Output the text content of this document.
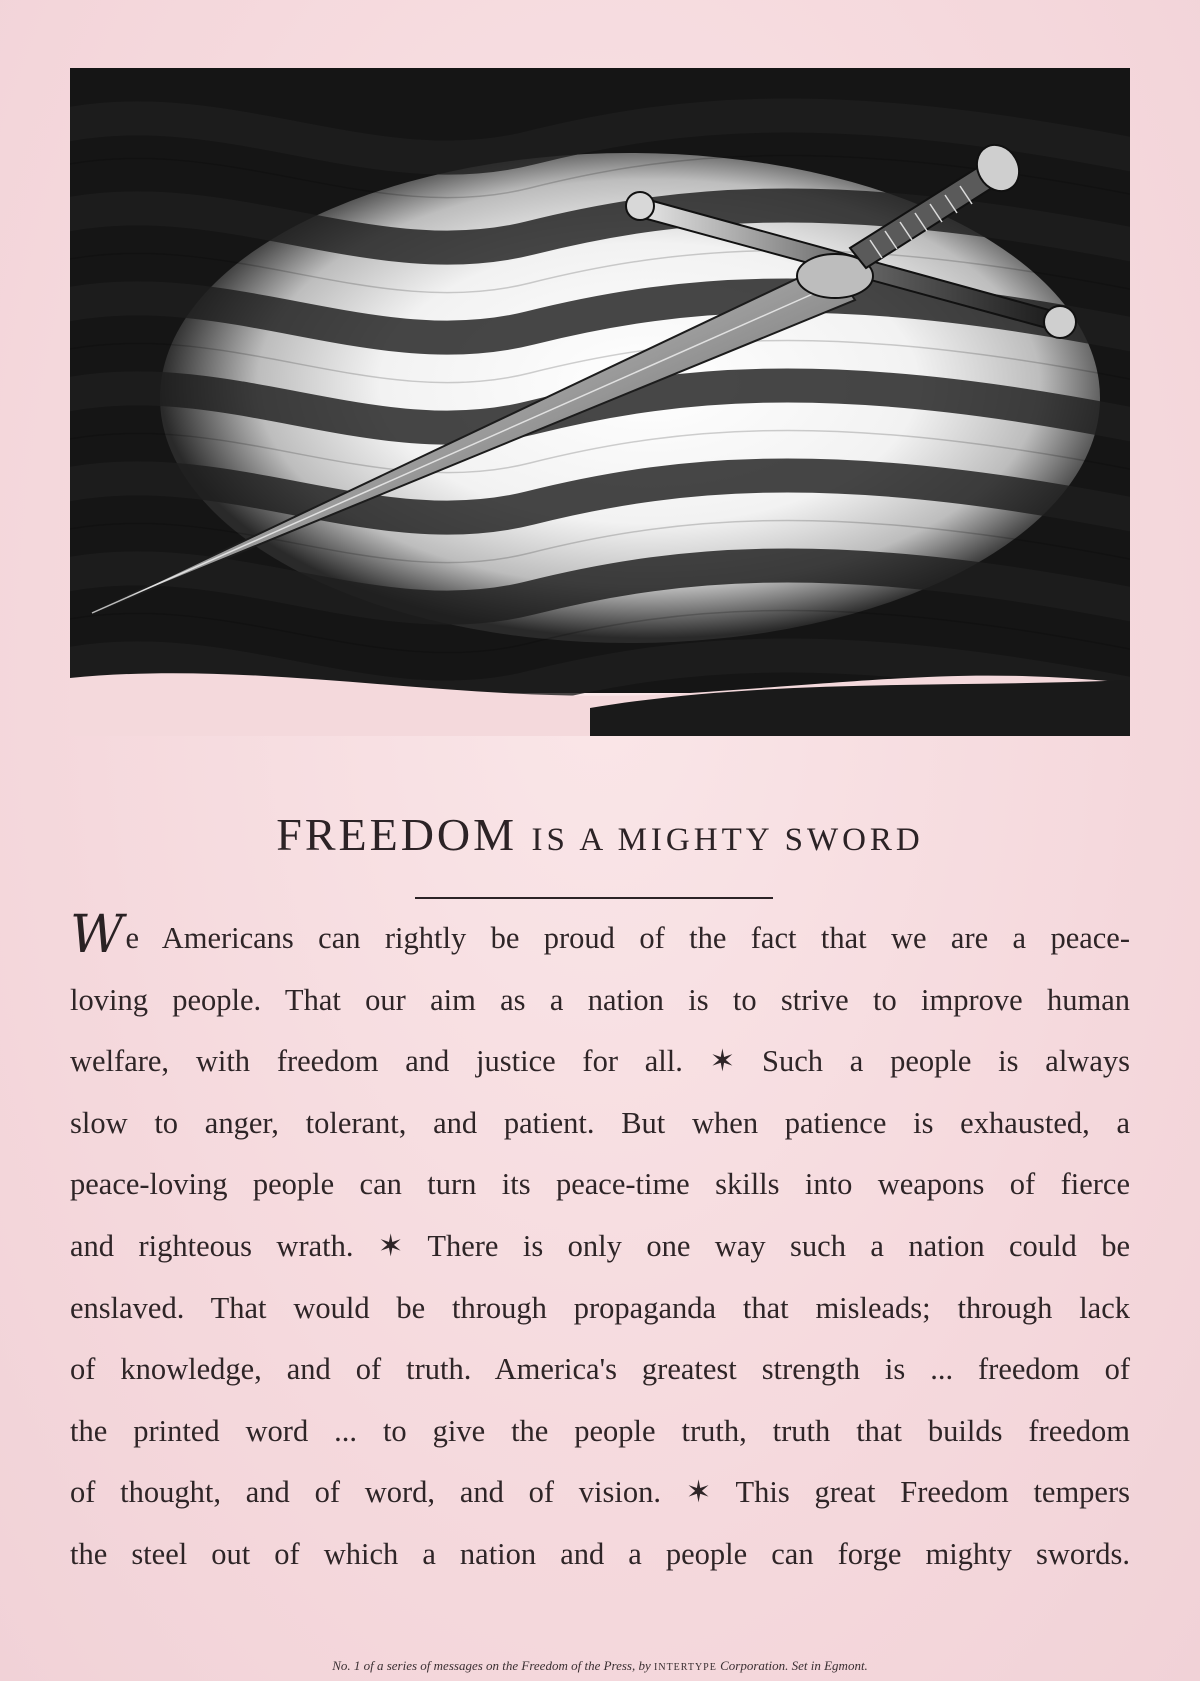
FREEDOM IS A MIGHTY SWORD
We Americans can rightly be proud of the fact that we are a peace-
loving people. That our aim as a nation is to strive to improve human
welfare, with freedom and justice for all. ✶ Such a people is always
slow to anger, tolerant, and patient. But when patience is exhausted, a
peace-loving people can turn its peace-time skills into weapons of fierce
and righteous wrath. ✶ There is only one way such a nation could be
enslaved. That would be through propaganda that misleads; through lack
of knowledge, and of truth. America's greatest strength is ... freedom of
the printed word ... to give the people truth, truth that builds freedom
of thought, and of word, and of vision. ✶ This great Freedom tempers
the steel out of which a nation and a people can forge mighty swords.
No. 1 of a series of messages on the Freedom of the Press, by INTERTYPE Corporation. Set in Egmont.
